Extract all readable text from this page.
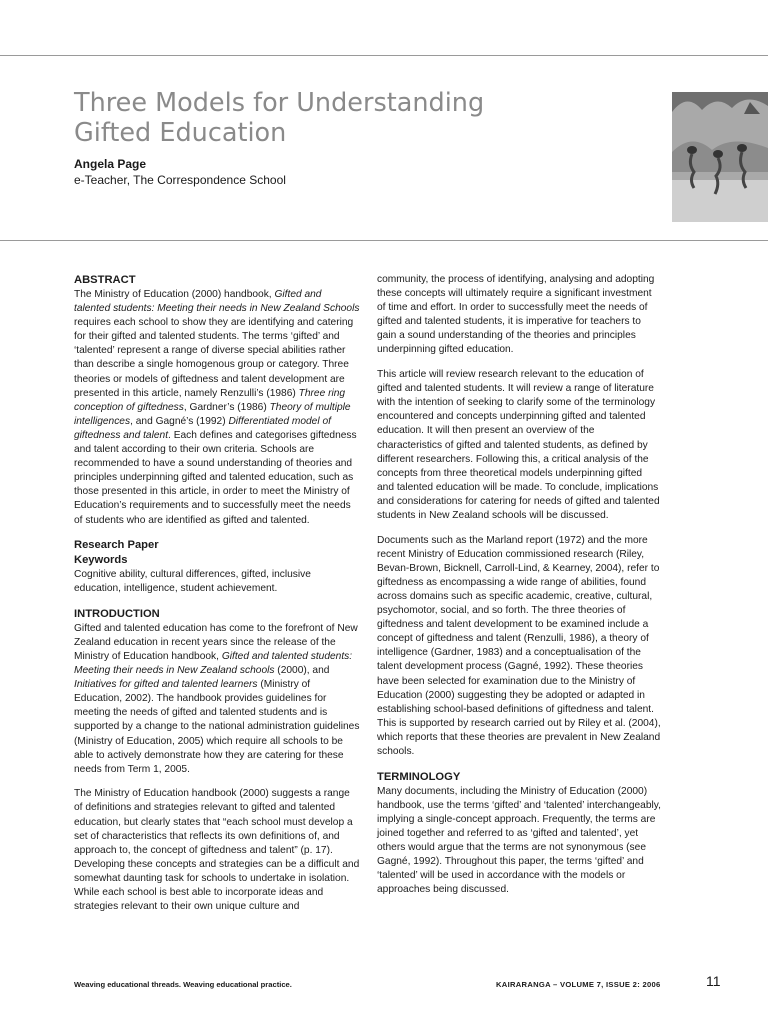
Three Models for Understanding
Gifted Education
Angela Page
e-Teacher, The Correspondence School
ABSTRACT

The Ministry of Education (2000) handbook, Gifted and talented students: Meeting their needs in New Zealand Schools requires each school to show they are identifying and catering for their gifted and talented students. The terms ‘gifted’ and ‘talented’ represent a range of diverse special abilities rather than describe a single homogenous group or category. Three theories or models of giftedness and talent development are presented in this article, namely Renzulli’s (1986) Three ring conception of giftedness, Gardner’s (1986) Theory of multiple intelligences, and Gagné’s (1992) Differentiated model of giftedness and talent. Each defines and categorises giftedness and talent according to their own criteria. Schools are recommended to have a sound understanding of theories and principles underpinning gifted and talented education, such as those presented in this article, in order to meet the Ministry of Education’s requirements and to successfully meet the needs of students who are identified as gifted and talented.

Research Paper
Keywords

Cognitive ability, cultural differences, gifted, inclusive education, intelligence, student achievement.

INTRODUCTION

Gifted and talented education has come to the forefront of New Zealand education in recent years since the release of the Ministry of Education handbook, Gifted and talented students: Meeting their needs in New Zealand schools (2000), and Initiatives for gifted and talented learners (Ministry of Education, 2002). The handbook provides guidelines for meeting the needs of gifted and talented students and is supported by a change to the national administration guidelines (Ministry of Education, 2005) which require all schools to be able to actively demonstrate how they are catering for these needs from Term 1, 2005.

The Ministry of Education handbook (2000) suggests a range of definitions and strategies relevant to gifted and talented education, but clearly states that “each school must develop a set of characteristics that reflects its own definitions of, and approach to, the concept of giftedness and talent” (p. 17). Developing these concepts and strategies can be a difficult and somewhat daunting task for schools to undertake in isolation. While each school is best able to incorporate ideas and strategies relevant to their own unique culture and

community, the process of identifying, analysing and adopting these concepts will ultimately require a significant investment of time and effort. In order to successfully meet the needs of gifted and talented students, it is imperative for teachers to gain a sound understanding of the theories and principles underpinning gifted education.

This article will review research relevant to the education of gifted and talented students. It will review a range of literature with the intention of seeking to clarify some of the terminology encountered and concepts underpinning gifted and talented education. It will then present an overview of the characteristics of gifted and talented students, as defined by different researchers. Following this, a critical analysis of the concepts from three theoretical models underpinning gifted and talented education will be made. To conclude, implications and considerations for catering for needs of gifted and talented students in New Zealand schools will be discussed.

Documents such as the Marland report (1972) and the more recent Ministry of Education commissioned research (Riley, Bevan-Brown, Bicknell, Carroll-Lind, & Kearney, 2004), refer to giftedness as encompassing a wide range of abilities, found across domains such as specific academic, creative, cultural, psychomotor, social, and so forth. The three theories of giftedness and talent development to be examined include a concept of giftedness and talent (Renzulli, 1986), a theory of intelligence (Gardner, 1983) and a conceptualisation of the talent development process (Gagné, 1992). These theories have been selected for examination due to the Ministry of Education (2000) suggesting they be adopted or adapted in establishing school-based definitions of giftedness and talent. This is supported by research carried out by Riley et al. (2004), which reports that these theories are prevalent in New Zealand schools.

TERMINOLOGY

Many documents, including the Ministry of Education (2000) handbook, use the terms ‘gifted’ and ‘talented’ interchangeably, implying a single-concept approach. Frequently, the terms are joined together and referred to as ‘gifted and talented’, yet others would argue that the terms are not synonymous (see Gagné, 1992). Throughout this paper, the terms ‘gifted’ and ‘talented’ will be used in accordance with the models or approaches being discussed.

Weaving educational threads. Weaving educational practice.	KAIRARANGA – VOLUME 7, ISSUE 2: 2006	11
